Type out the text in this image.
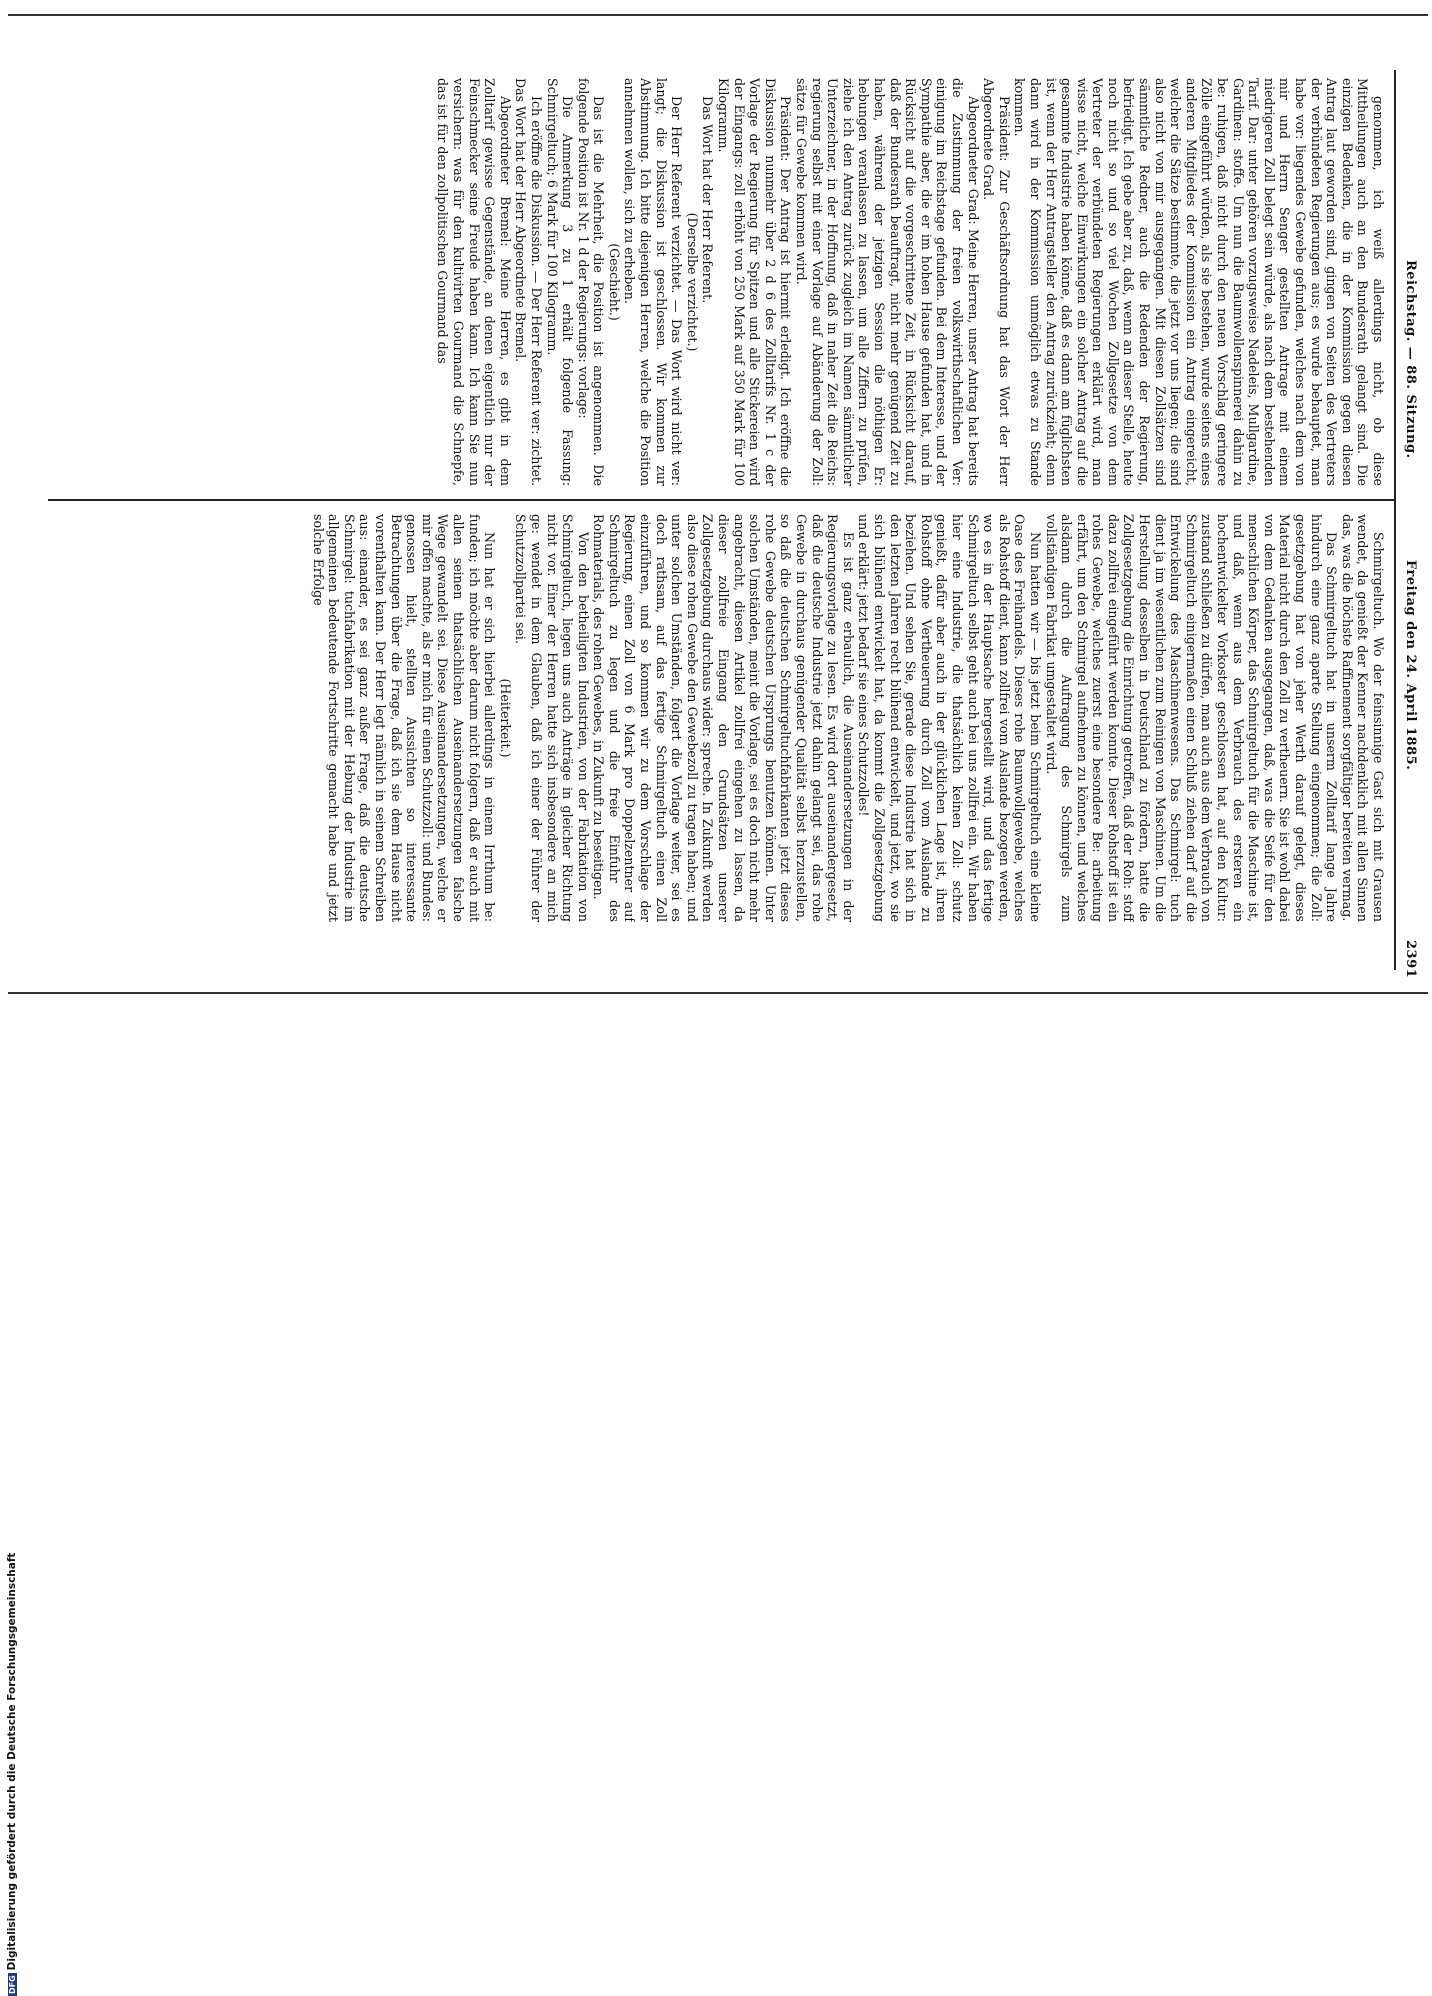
DFGDigitalisierung gefördert durch die Deutsche Forschungsgemeinschaft
Reichstag. — 88. Sitzung.
Freitag den 24. April 1885.
2391

genommen, ich weiß allerdings nicht, ob diese Mittheilungen auch an den Bundesrath gelangt sind. Die einzigen Bedenken, die in der Kommission gegen diesen Antrag laut geworden sind, gingen von Seiten des Vertreters der verbündeten Regierungen aus; es wurde behauptet, man habe vor: liegendes Gewebe gefunden, welches nach dem von mir und Herrn Senger gestellten Antrage mit einem niedrigeren Zoll belegt sein würde, als nach dem bestehenden Tarif. Dar: unter gehören vorzugsweise Nadeleis, Mullgardine, Gardinen: stoffe. Um nun die Baumwollenspinnerei dahin zu be: ruhigen, daß nicht durch den neuen Vorschlag geringere Zölle eingeführt würden, als sie bestehen, wurde seitens eines anderen Mitgliedes der Kommission ein Antrag eingereicht, welcher die Sätze bestimmte, die jetzt vor uns liegen; die sind also nicht von mir ausgegangen. Mit diesen Zollsätzen sind sämmtliche Redner, auch die Redenden der Regierung, befriedigt. Ich gebe aber zu, daß, wenn an dieser Stelle, heute noch nicht so und so viel Wochen Zollgesetze von dem Vertreter der verbündeten Regierungen erklärt wird, man wisse nicht, welche Einwirkungen ein solcher Antrag auf die gesammte Industrie haben könne, daß es dann am füglichsten ist, wenn der Herr Antragsteller den Antrag zurückzieht; denn dann wird in der Kommission unmöglich etwas zu Stande kommen.

Präsident: Zur Geschäftsordnung hat das Wort der Herr Abgeordnete Grad.

Abgeordneter Grad: Meine Herren, unser Antrag hat bereits die Zustimmung der freien volkswirthschaftlichen Ver: einigung im Reichstage gefunden. Bei dem Interesse, und der Sympathie aber, die er im hohen Hause gefunden hat, und in Rücksicht auf die vorgeschrittene Zeit, in Rücksicht darauf, daß der Bundesrath beauftragt, nicht mehr genügend Zeit zu haben, während der jetzigen Session die nöthigen Er: hebungen veranlassen zu lassen, um alle Ziffern zu prüfen, ziehe ich den Antrag zurück zugleich im Namen sämmtlicher Unterzeichner, in der Hoffnung, daß in naher Zeit die Reichs: regierung selbst mit einer Vorlage auf Abänderung der Zoll: sätze für Gewebe kommen wird.

Präsident: Der Antrag ist hiermit erledigt. Ich eröffne die Diskussion nunmehr über 2 d 6 des Zolltarifs Nr. 1 c der Vorlage der Regierung für Spitzen und alle Stickereien wird der Eingangs: zoll erhöht von 250 Mark auf 350 Mark für 100 Kilogramm.

Das Wort hat der Herr Referent.

(Derselbe verzichtet.)

Der Herr Referent verzichtet. — Das Wort wird nicht ver: langt; die Diskussion ist geschlossen. Wir kommen zur Abstimmung. Ich bitte diejenigen Herren, welche die Position annehmen wollen, sich zu erheben.

(Geschieht.)

Das ist die Mehrheit, die Position ist angenommen. Die folgende Position ist Nr. 1 d der Regierungs: vorlage:

Die Anmerkung 3 zu 1 erhält folgende Fassung: Schmirgeltuch; 6 Mark für 100 Kilogramm.

Ich eröffne die Diskussion. — Der Herr Referent ver: zichtet. Das Wort hat der Herr Abgeordnete Bremel.

Abgeordneter Bremel: Meine Herren, es gibt in dem Zolltarif gewisse Gegenstände, an denen eigentlich nur der Feinschmecker seine Freude haben kann. Ich kann Sie nun versichern: was für den kultivirten Gourmand die Schnepfe, das ist für den zollpolitischen Gourmand das

Schmirgeltuch. Wo der feinsinnige Gast sich mit Grausen wendet, da genießt der Kenner nachdenklich mit allen Sinnen das, was die höchste Raffinement sorgfältiger bereiten vermag.

Das Schmirgeltuch hat in unserm Zolltarif lange Jahre hindurch eine ganz aparte Stellung eingenommen; die Zoll: gesetzgebung hat von jeher Werth darauf gelegt, dieses Material nicht durch den Zoll zu vertheuern. Sie ist wohl dabei von dem Gedanken ausgegangen, daß, was die Seife für den menschlichen Körper, das Schmirgeltuch für die Maschine ist, und daß, wenn aus dem Verbrauch des ersteren ein hochentwickelter Vorkoster geschlossen hat, auf den Kultur: zustand schließen zu dürfen, man auch aus dem Verbrauch von Schmirgeltuch einigermaßen einen Schluß ziehen darf auf die Entwickelung des Maschinenwesens. Das Schmirgel: tuch dient ja im wesentlichen zum Reinigen von Maschinen. Um die Herstellung desselben in Deutschland zu fördern, hatte die Zollgesetzgebung die Einrichtung getroffen, daß der Roh: stoff dazu zollfrei eingeführt werden konnte. Dieser Rohstoff ist ein rohes Gewebe, welches zuerst eine besondere Be: arbeitung erfährt, um den Schmirgel aufnehmen zu können, und welches alsdann durch die Auftragung des Schmirgels zum vollständigen Fabrikat umgestaltet wird.

Nun hatten wir — bis jetzt beim Schmirgeltuch eine kleine Oase des Freihandels. Dieses rohe Baumwollgewebe, welches als Rohstoff dient, kann zollfrei vom Auslande bezogen werden, wo es in der Hauptsache hergestellt wird, und das fertige Schmirgeltuch selbst geht auch bei uns zollfrei ein. Wir haben hier eine Industrie, die thatsächlich keinen Zoll: schutz genießt, dafür aber auch in der glücklichen Lage ist, ihren Rohstoff ohne Vertheuerung durch Zoll vom Auslande zu beziehen. Und sehen Sie, gerade diese Industrie hat sich in den letzten Jahren recht blühend entwickelt, und jetzt, wo sie sich blühend entwickelt hat, da kommt die Zollgesetzgebung und erklärt: jetzt bedarf sie eines Schutzzolles!

Es ist ganz erbaulich, die Auseinandersetzungen in der Regierungsvorlage zu lesen. Es wird dort auseinandergesetzt, daß die deutsche Industrie jetzt dahin gelangt sei, das rohe Gewebe in durchaus genügender Qualität selbst herzustellen, so daß die deutschen Schmirgeltuchfabrikanten jetzt dieses rohe Gewebe deutschen Ursprungs benutzen können. Unter solchen Umständen, meint die Vorlage, sei es doch nicht mehr angebracht, diesen Artikel zollfrei eingehen zu lassen, da dieser zollfreie Eingang den Grundsätzen unserer Zollgesetzgebung durchaus wider: spreche. In Zukunft werden also diese rohen Gewebe den Gewebezoll zu tragen haben; und unter solchen Umständen, folgert die Vorlage weiter, sei es doch rathsam, auf das fertige Schmirgeltuch einen Zoll einzuführen, und so kommen wir zu dem Vorschlage der Regierung, einen Zoll von 6 Mark pro Doppelzentner auf Schmirgeltuch zu legen und die freie Einfuhr des Rohmaterials, des rohen Gewebes, in Zukunft zu beseitigen.

Von den betheiligten Industrien, von der Fabrikation von Schmirgeltuch, liegen uns auch Anträge in gleicher Richtung nicht vor. Einer der Herren hatte sich insbesondere an mich ge: wendet in dem Glauben, daß ich einer der Führer der Schutzzollpartei sei.

(Heiterkeit.)

Nun hat er sich hierbei allerdings in einem Irrthum be: funden; ich möchte aber darum nicht folgern, daß er auch mit allen seinen thatsächlichen Auseinandersetzungen falsche Wege gewandelt sei. Diese Auseinandersetzungen, welche er mir offen machte, als er mich für einen Schutzzoll: und Bundes: genossen hielt, stellten Aussichten so interessante Betrachtungen über die Frage, daß ich sie dem Hause nicht vorenthalten kann. Der Herr legt nämlich in seinem Schreiben aus: einander, es sei ganz außer Frage, daß die deutsche Schmirgel: tuchfabrikation mit der Hebung der Industrie im allgemeinen bedeutende Fortschritte gemacht habe und jetzt solche Erfolge
